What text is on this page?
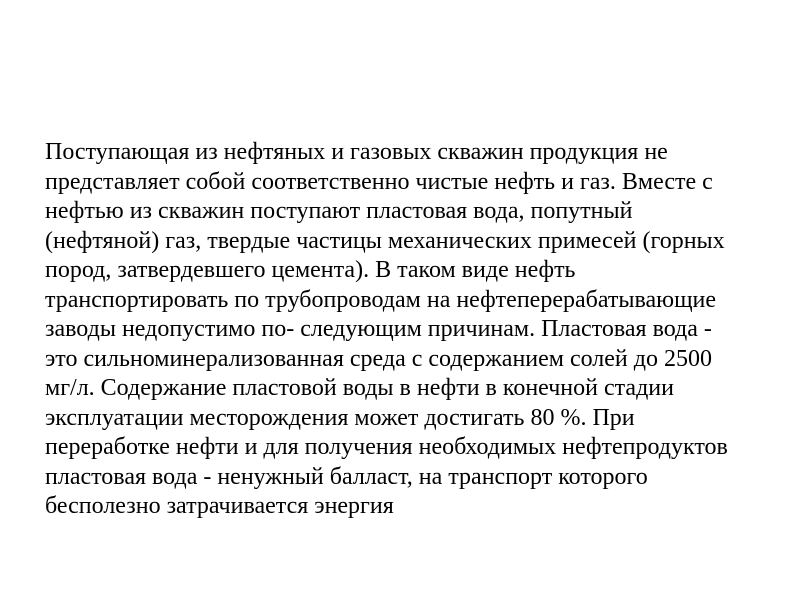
Поступающая из нефтяных и газовых скважин продукция не
представляет собой соответственно чистые нефть и газ. Вместе с
нефтью из скважин поступают пластовая вода, попутный
(нефтяной) газ, твердые частицы механических примесей (горных
пород, затвердевшего цемента). В таком виде нефть
транспортировать по трубопроводам на нефтеперерабатывающие
заводы недопустимо по- следующим причинам. Пластовая вода -
это сильноминерализованная среда с содержанием солей до 2500
мг/л. Содержание пластовой воды в нефти в конечной стадии
эксплуатации месторождения может достигать 80 %. При
переработке нефти и для получения необходимых нефтепродуктов
пластовая вода - ненужный балласт, на транспорт которого
бесполезно затрачивается энергия
